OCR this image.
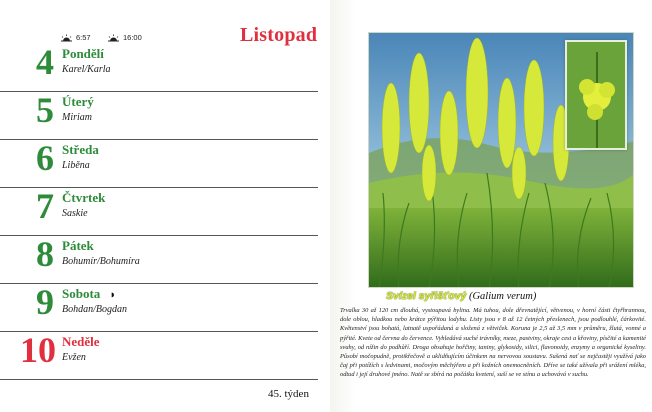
6:57	16:00	Listopad
4 Pondělí
Karel/Karla
5 Úterý
Miriam
6 Středa
Liběna
7 Čtvrtek
Saskie
8 Pátek
Bohumír/Bohumíra
9 Sobota ◗
Bohdan/Bogdan
10 Neděle
Evžen
45. týden
Svízel syřišťový (Galium verum)
Trvalka 30 až 120 cm dlouhá, vystoupavá bylina. Má tuhou, dole dřevnatějící, větvenou, v horní části čtyřhrannou, dole oblou, hladkou nebo krátce pýřitou lodyhu. Listy jsou v 8 až 12 četných přeslenech, jsou podlouhlé, čárkovité. Květenství jsou bohatá, latnatě uspořádaná a složená z větviček. Koruna je 2,5 až 3,5 mm v průměru, žlutá, vonné a pýřité. Kvete od června do července. Vyhledává suché trávníky, meze, pastviny, okraje cest a křoviny, písčité a kamenité svahy, od nížin do podhůří. Droga obsahuje hořčiny, taniny, glykosidy, silici, flavonoidy, enzymy a organické kyseliny. Působí močopudně, protikřečově a uklidňujícím účinkem na nervovou soustavu. Sušená nať se nejčastěji využívá jako čaj při potížích s ledvinami, močovým měchýřem a při kožních onemocněních. Dříve se také užívala při srážení mléka, odtud i její druhové jméno. Natě se sbírá na počátku kvetení, suší se ve stínu a uchovává v suchu.
